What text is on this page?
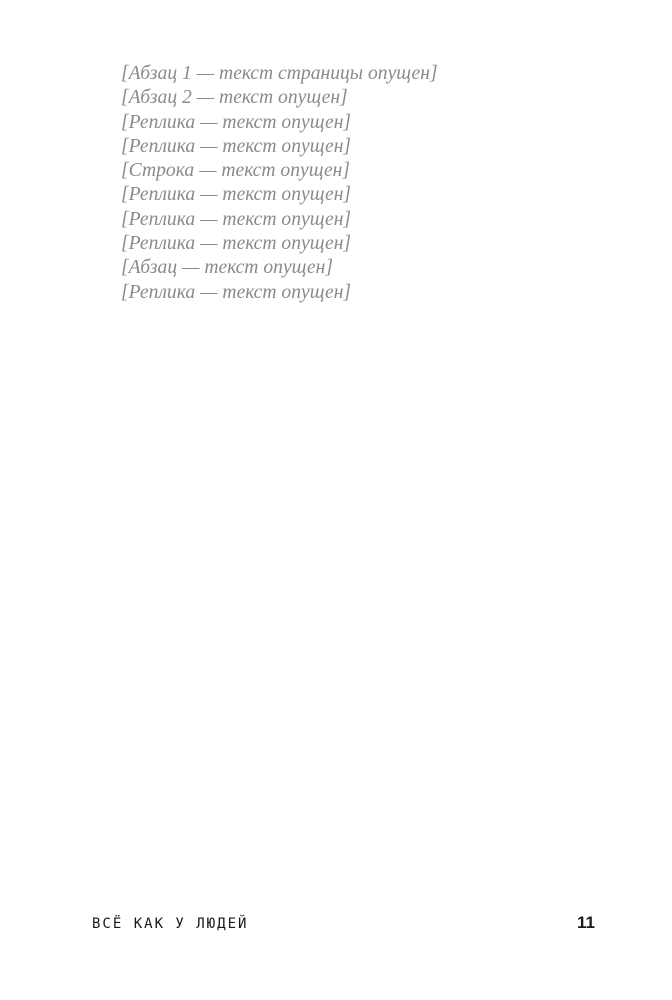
[Абзац 1 — текст страницы опущен]

[Абзац 2 — текст опущен]

[Реплика — текст опущен]

[Реплика — текст опущен]

[Строка — текст опущен]

[Реплика — текст опущен]

[Реплика — текст опущен]

[Реплика — текст опущен]

[Абзац — текст опущен]

[Реплика — текст опущен]

ВСЁ КАК У ЛЮДЕЙ	11
